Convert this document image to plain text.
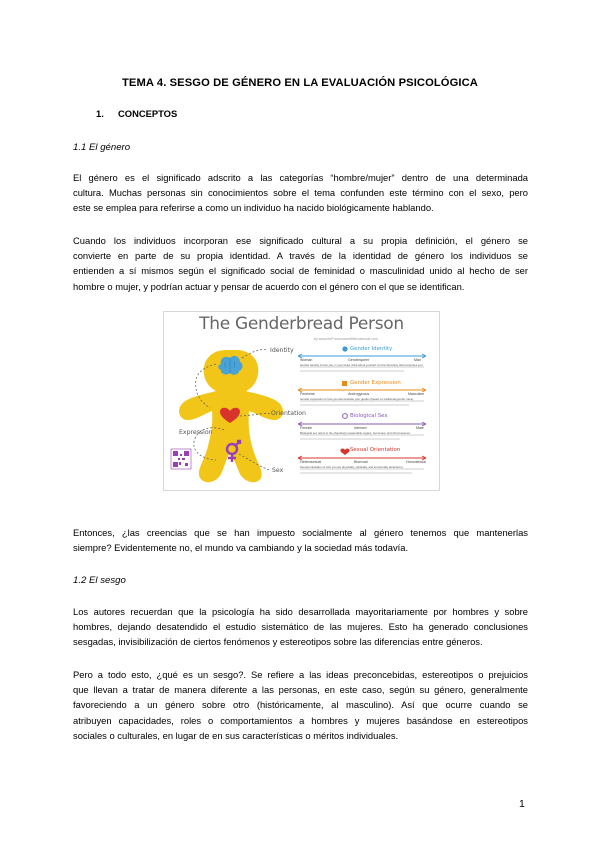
TEMA 4. SESGO DE GÉNERO EN LA EVALUACIÓN PSICOLÓGICA
1. CONCEPTOS
1.1 El género
El género es el significado adscrito a las categorías “hombre/mujer” dentro de una determinada
cultura. Muchas personas sin conocimientos sobre el tema confunden este término con el sexo, pero
este se emplea para referirse a como un individuo ha nacido biológicamente hablando.
Cuando los individuos incorporan ese significado cultural a su propia definición, el género se
convierte en parte de su propia identidad. A través de la identidad de género los individuos se
entienden a sí mismos según el significado social de feminidad o masculinidad unido al hecho de ser
hombre o mujer, y podrían actuar y pensar de acuerdo con el género con el que se identifican.
The Genderbread Person
by www.ItsPronouncedMetrosexual.com
Identity
Orientation
Expression
Sex
Gender Identity
Woman	Genderqueer	Man
Gender identity is how you, in your head, think about yourself. It's the chemistry that composes you.
Gender Expression
Feminine	Androgynous	Masculine
Gender expression is how you demonstrate your gender (based on traditional gender roles).
Biological Sex
Female	Intersex	Male
Biological sex refers to the objectively measurable organs, hormones, and chromosomes.
Sexual Orientation
Heterosexual	Bisexual	Homosexual
Sexual orientation is who you are physically, spiritually, and emotionally attracted to.
Entonces, ¿las creencias que se han impuesto socialmente al género tenemos que mantenerlas
siempre? Evidentemente no, el mundo va cambiando y la sociedad más todavía.
1.2 El sesgo
Los autores recuerdan que la psicología ha sido desarrollada mayoritariamente por hombres y sobre
hombres, dejando desatendido el estudio sistemático de las mujeres. Esto ha generado conclusiones
sesgadas, invisibilización de ciertos fenómenos y estereotipos sobre las diferencias entre géneros.
Pero a todo esto, ¿qué es un sesgo?. Se refiere a las ideas preconcebidas, estereotipos o prejuicios
que llevan a tratar de manera diferente a las personas, en este caso, según su género, generalmente
favoreciendo a un género sobre otro (históricamente, al masculino). Así que ocurre cuando se
atribuyen capacidades, roles o comportamientos a hombres y mujeres basándose en estereotipos
sociales o culturales, en lugar de en sus características o méritos individuales.
1
